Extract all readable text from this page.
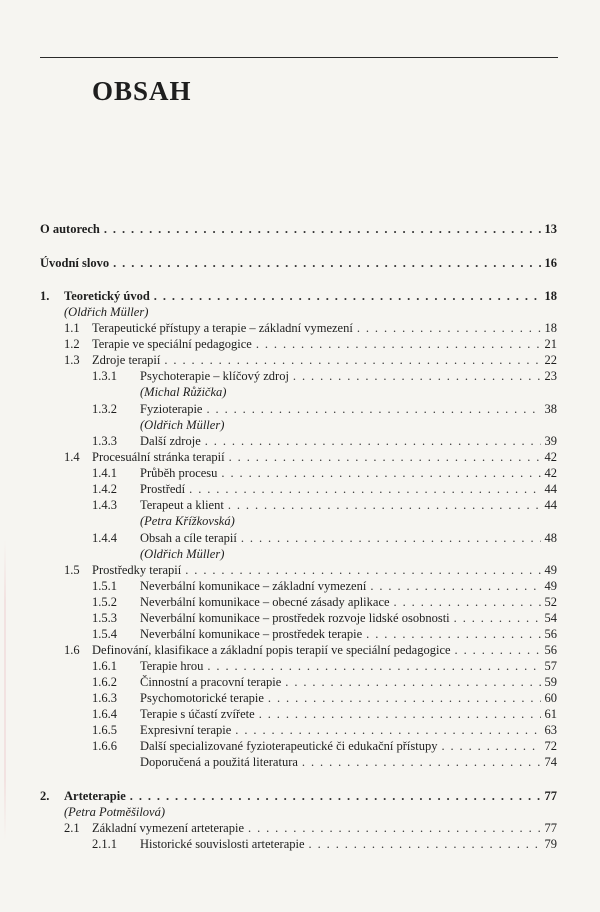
OBSAH
O autorech . . .	13
Úvodní slovo . . .	16
1.	Teoretický úvod . . .	18
1.1 Terapeutické přístupy a terapie – základní vymezení . . .	18
1.2 Terapie ve speciální pedagogice . . .	21
1.3 Zdroje terapií . . .	22
1.3.1	Psychoterapie – klíčový zdroj . . .	23
1.3.2	Fyzioterapie . . .	38
1.3.3	Další zdroje . . .	39
1.4 Procesuální stránka terapií . . .	42
1.4.1	Průběh procesu . . .	42
1.4.2	Prostředí . . .	44
1.4.3	Terapeut a klient . . .	44
1.4.4	Obsah a cíle terapií . . .	48
1.5 Prostředky terapií . . .	49
1.5.1	Neverbální komunikace – základní vymezení . . .	49
1.5.2	Neverbální komunikace – obecné zásady aplikace . . .	52
1.5.3	Neverbální komunikace – prostředek rozvoje lidské osobnosti . . .	54
1.5.4	Neverbální komunikace – prostředek terapie . . .	56
1.6 Definování, klasifikace a základní popis terapií ve speciální pedagogice . . .	56
1.6.1	Terapie hrou . . .	57
1.6.2	Činnostní a pracovní terapie . . .	59
1.6.3	Psychomotorické terapie . . .	60
1.6.4	Terapie s účastí zvířete . . .	61
1.6.5	Expresivní terapie . . .	63
1.6.6	Další specializované fyzioterapeutické či edukační přístupy . . .	72
Doporučená a použitá literatura . . .	74
2.	Arteterapie . . .	77
2.1 Základní vymezení arteterapie . . .	77
2.1.1	Historické souvislosti arteterapie . . .	79
(Oldřich Müller)
(Michal Růžička)
(Oldřich Müller)
(Petra Křížkovská)
(Oldřich Müller)
(Petra Potměšilová)
